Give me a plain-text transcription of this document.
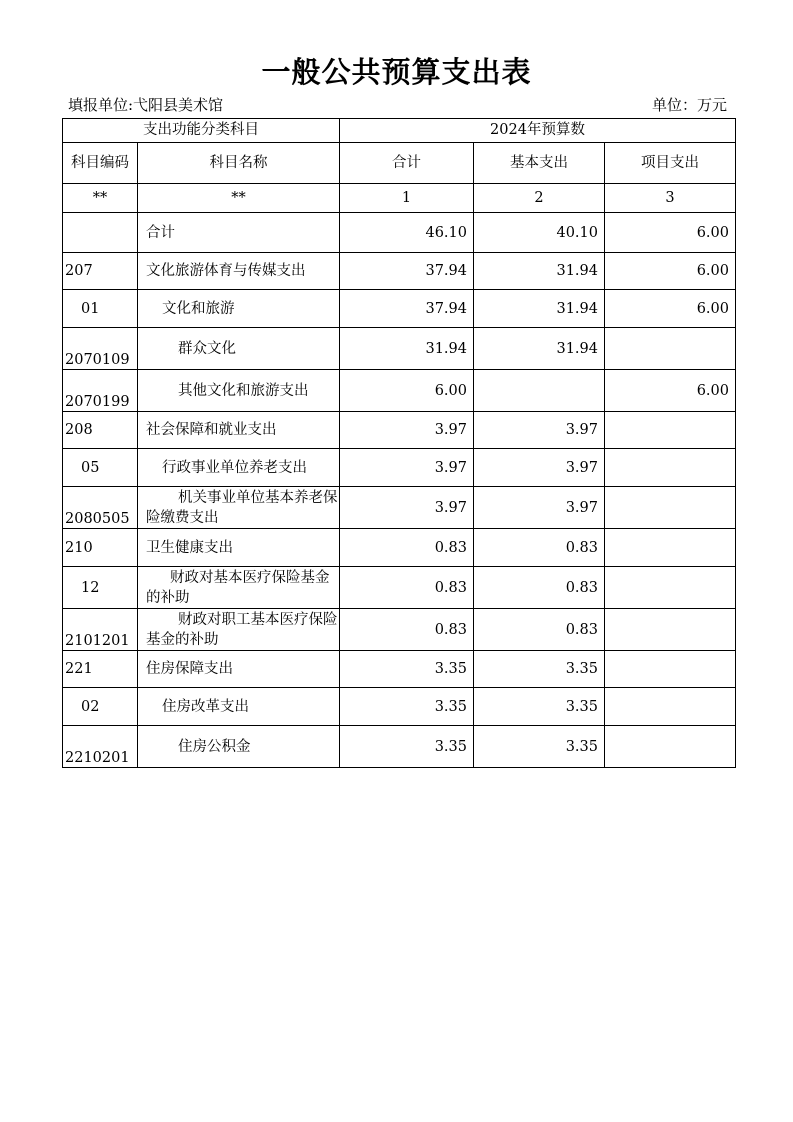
一般公共预算支出表
填报单位:弋阳县美术馆	单位：万元
支出功能分类科目		2024年预算数		
科目编码	科目名称	合计	基本支出	项目支出
**	**	1	2	3
	合计	46.10	40.10	6.00
207	文化旅游体育与传媒支出	37.94	31.94	6.00
01	文化和旅游	37.94	31.94	6.00
2070109	群众文化	31.94	31.94	
2070199	其他文化和旅游支出	6.00		6.00
208	社会保障和就业支出	3.97	3.97	
05	行政事业单位养老支出	3.97	3.97	
2080505	机关事业单位基本养老保险缴费支出	3.97	3.97	
210	卫生健康支出	0.83	0.83	
12	财政对基本医疗保险基金的补助	0.83	0.83	
2101201	财政对职工基本医疗保险基金的补助	0.83	0.83	
221	住房保障支出	3.35	3.35	
02	住房改革支出	3.35	3.35	
2210201	住房公积金	3.35	3.35	
